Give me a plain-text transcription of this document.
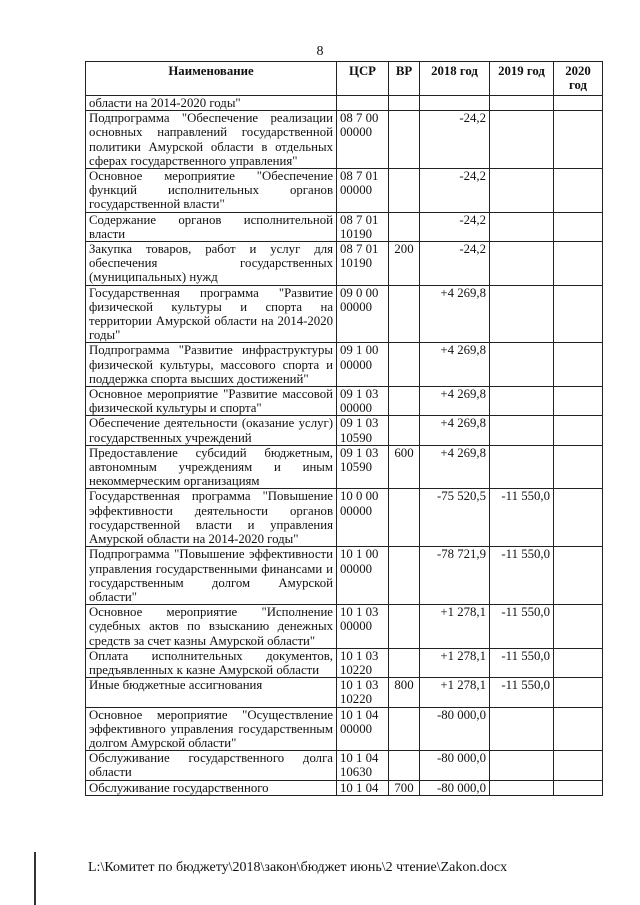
8
Наименование	ЦСР	ВР	2018 год	2019 год	2020 год
области на 2014-2020 годы"					
Подпрограмма "Обеспечение реализации основных направлений государственной политики Амурской области в отдельных сферах государственного управления"	08 7 00 00000		-24,2		
Основное мероприятие "Обеспечение функций исполнительных органов государственной власти"	08 7 01 00000		-24,2		
Содержание органов исполнительной власти	08 7 01 10190		-24,2		
Закупка товаров, работ и услуг для обеспечения государственных (муниципальных) нужд	08 7 01 10190	200	-24,2		
Государственная программа "Развитие физической культуры и спорта на территории Амурской области на 2014-2020 годы"	09 0 00 00000		+4 269,8		
Подпрограмма "Развитие инфраструктуры физической культуры, массового спорта и поддержка спорта высших достижений"	09 1 00 00000		+4 269,8		
Основное мероприятие "Развитие массовой физической культуры и спорта"	09 1 03 00000		+4 269,8		
Обеспечение деятельности (оказание услуг) государственных учреждений	09 1 03 10590		+4 269,8		
Предоставление субсидий бюджетным, автономным учреждениям и иным некоммерческим организациям	09 1 03 10590	600	+4 269,8		
Государственная программа "Повышение эффективности деятельности органов государственной власти и управления Амурской области на 2014-2020 годы"	10 0 00 00000		-75 520,5	-11 550,0	
Подпрограмма "Повышение эффективности управления государственными финансами и государственным долгом Амурской области"	10 1 00 00000		-78 721,9	-11 550,0	
Основное мероприятие "Исполнение судебных актов по взысканию денежных средств за счет казны Амурской области"	10 1 03 00000		+1 278,1	-11 550,0	
Оплата исполнительных документов, предъявленных к казне Амурской области	10 1 03 10220		+1 278,1	-11 550,0	
Иные бюджетные ассигнования	10 1 03 10220	800	+1 278,1	-11 550,0	
Основное мероприятие "Осуществление эффективного управления государственным долгом Амурской области"	10 1 04 00000		-80 000,0		
Обслуживание государственного долга области	10 1 04 10630		-80 000,0		
Обслуживание государственного	10 1 04	700	-80 000,0		
L:\Комитет по бюджету\2018\закон\бюджет июнь\2 чтение\Zakon.docx
